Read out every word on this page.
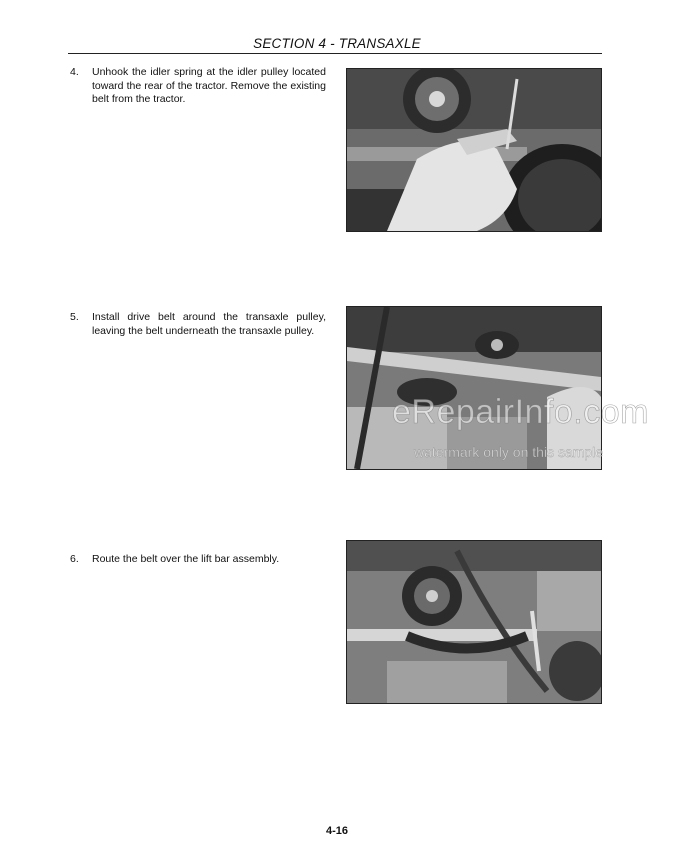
SECTION 4 - TRANSAXLE
4. Unhook the idler spring at the idler pulley located toward the rear of the tractor. Remove the existing belt from the tractor.
5. Install drive belt around the transaxle pulley, leaving the belt underneath the transaxle pulley.
6. Route the belt over the lift bar assembly.
eRepairInfo.com
watermark only on this sample
4-16
